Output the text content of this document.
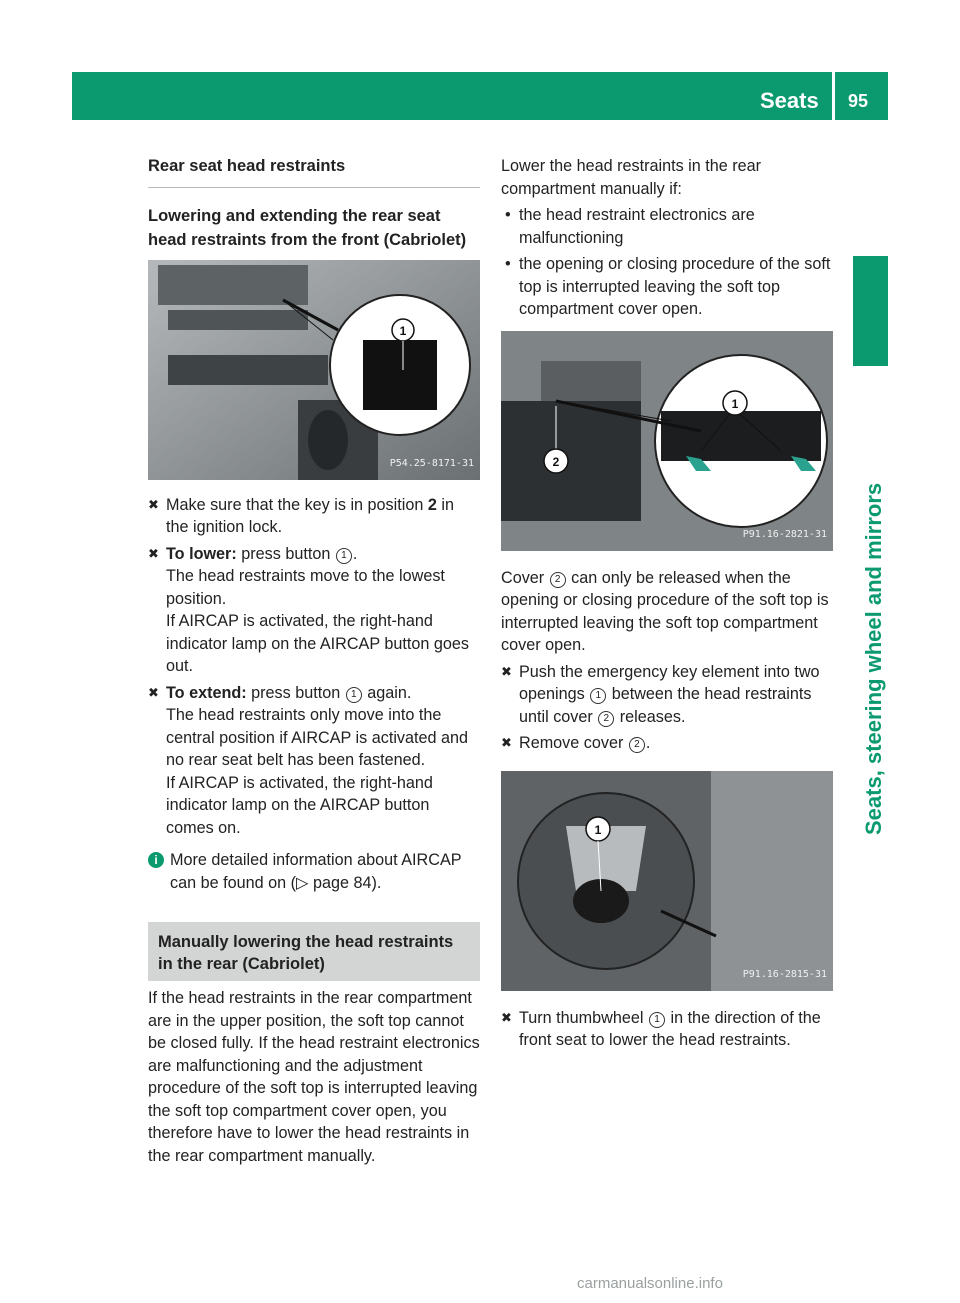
Seats 95
Seats, steering wheel and mirrors
Rear seat head restraints
Lowering and extending the rear seat head restraints from the front (Cabriolet)
1
P54.25-8171-31
✖ Make sure that the key is in position 2 in the ignition lock.
✖ To lower: press button 1 .
The head restraints move to the lowest position.
If AIRCAP is activated, the right-hand indicator lamp on the AIRCAP button goes out.
✖ To extend: press button 1 again.
The head restraints only move into the central position if AIRCAP is activated and no rear seat belt has been fastened.
If AIRCAP is activated, the right-hand indicator lamp on the AIRCAP button comes on.
i More detailed information about AIRCAP can be found on (▷ page 84).
Manually lowering the head restraints in the rear (Cabriolet)
If the head restraints in the rear compartment are in the upper position, the soft top cannot be closed fully. If the head restraint electronics are malfunctioning and the adjustment procedure of the soft top is interrupted leaving the soft top compartment cover open, you therefore have to lower the head restraints in the rear compartment manually.
Lower the head restraints in the rear compartment manually if:
• the head restraint electronics are malfunctioning
• the opening or closing procedure of the soft top is interrupted leaving the soft top compartment cover open.
2
1
P91.16-2821-31
Cover 2 can only be released when the opening or closing procedure of the soft top is interrupted leaving the soft top compartment cover open.
✖ Push the emergency key element into two openings 1 between the head restraints until cover 2 releases.
✖ Remove cover 2 .
1
P91.16-2815-31
✖ Turn thumbwheel 1 in the direction of the front seat to lower the head restraints.
carmanualsonline.info
